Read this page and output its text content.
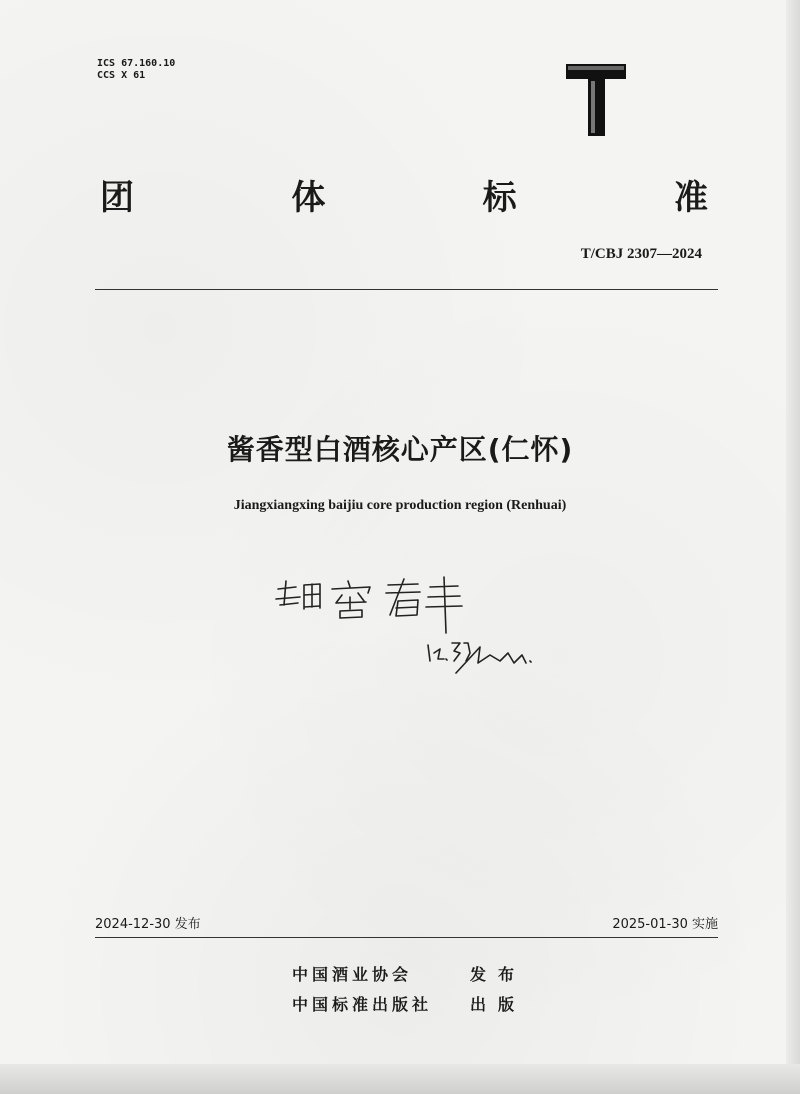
ICS 67.160.10
CCS X 61
团	体	标	准
T/CBJ 2307—2024
酱香型白酒核心产区(仁怀)
Jiangxiangxing baijiu core production region (Renhuai)
2024-12-30 发布	2025-01-30 实施
中国酒业协会	发布
中国标准出版社 出版
